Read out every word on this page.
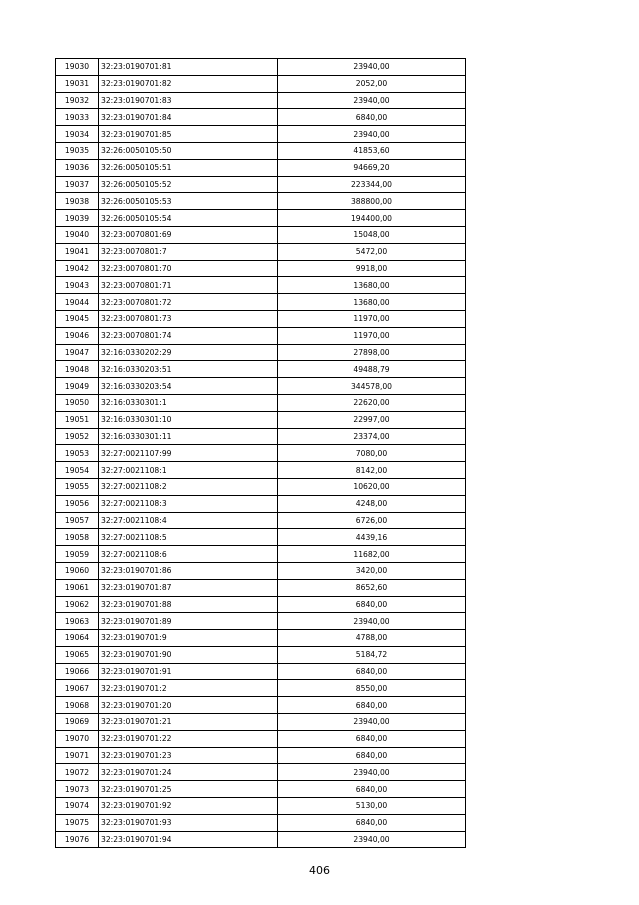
19030	32:23:0190701:81	23940,00
19031	32:23:0190701:82	2052,00
19032	32:23:0190701:83	23940,00
19033	32:23:0190701:84	6840,00
19034	32:23:0190701:85	23940,00
19035	32:26:0050105:50	41853,60
19036	32:26:0050105:51	94669,20
19037	32:26:0050105:52	223344,00
19038	32:26:0050105:53	388800,00
19039	32:26:0050105:54	194400,00
19040	32:23:0070801:69	15048,00
19041	32:23:0070801:7	5472,00
19042	32:23:0070801:70	9918,00
19043	32:23:0070801:71	13680,00
19044	32:23:0070801:72	13680,00
19045	32:23:0070801:73	11970,00
19046	32:23:0070801:74	11970,00
19047	32:16:0330202:29	27898,00
19048	32:16:0330203:51	49488,79
19049	32:16:0330203:54	344578,00
19050	32:16:0330301:1	22620,00
19051	32:16:0330301:10	22997,00
19052	32:16:0330301:11	23374,00
19053	32:27:0021107:99	7080,00
19054	32:27:0021108:1	8142,00
19055	32:27:0021108:2	10620,00
19056	32:27:0021108:3	4248,00
19057	32:27:0021108:4	6726,00
19058	32:27:0021108:5	4439,16
19059	32:27:0021108:6	11682,00
19060	32:23:0190701:86	3420,00
19061	32:23:0190701:87	8652,60
19062	32:23:0190701:88	6840,00
19063	32:23:0190701:89	23940,00
19064	32:23:0190701:9	4788,00
19065	32:23:0190701:90	5184,72
19066	32:23:0190701:91	6840,00
19067	32:23:0190701:2	8550,00
19068	32:23:0190701:20	6840,00
19069	32:23:0190701:21	23940,00
19070	32:23:0190701:22	6840,00
19071	32:23:0190701:23	6840,00
19072	32:23:0190701:24	23940,00
19073	32:23:0190701:25	6840,00
19074	32:23:0190701:92	5130,00
19075	32:23:0190701:93	6840,00
19076	32:23:0190701:94	23940,00
406
